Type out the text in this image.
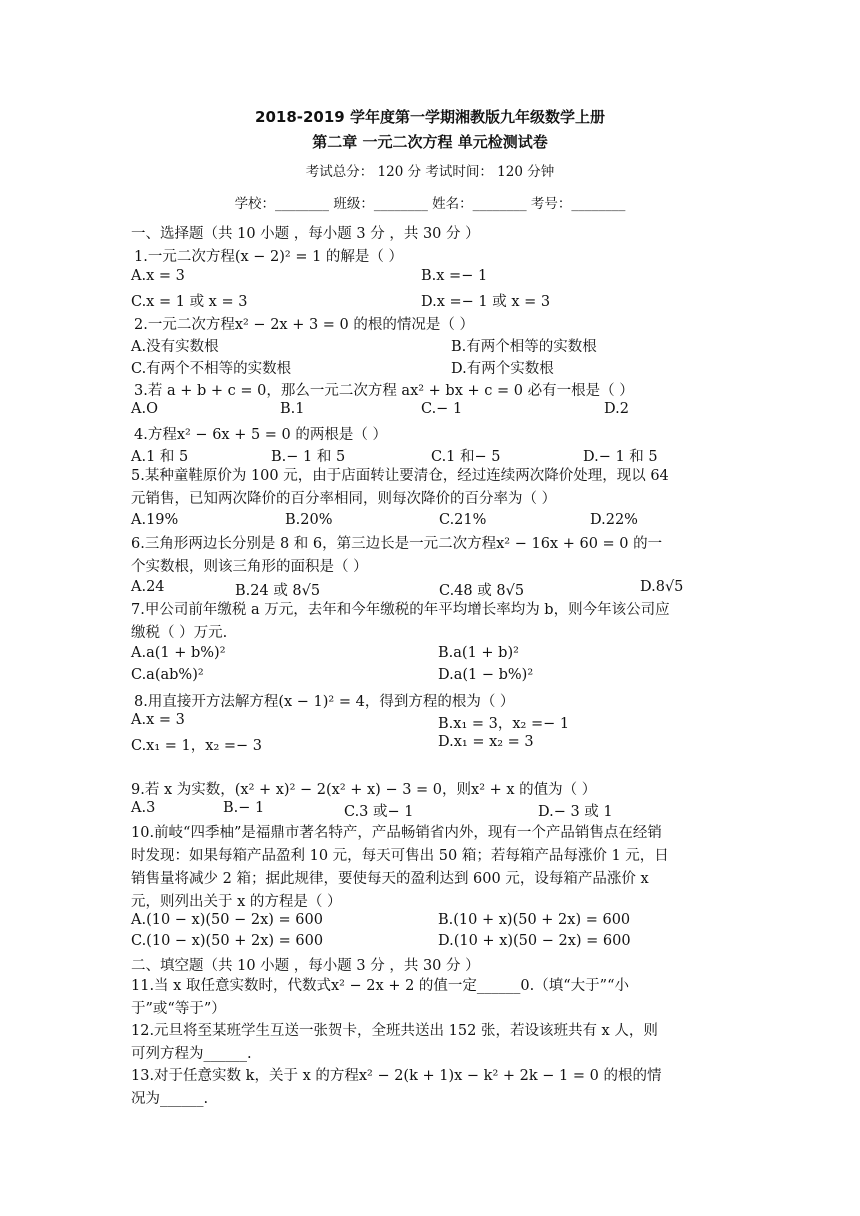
2018-2019 学年度第一学期湘教版九年级数学上册
第二章 一元二次方程 单元检测试卷
考试总分： 120 分 考试时间： 120 分钟
学校：________ 班级：________ 姓名：________ 考号：________
一、选择题（共 10 小题 ，每小题 3 分 ，共 30 分 ）
1.一元二次方程(x − 2)² = 1 的解是（ ）
A.x = 3	B.x =− 1
C.x = 1 或 x = 3	D.x =− 1 或 x = 3
2.一元二次方程x² − 2x + 3 = 0 的根的情况是（ ）
A.没有实数根	B.有两个相等的实数根
C.有两个不相等的实数根	D.有两个实数根
3.若 a + b + c = 0，那么一元二次方程 ax² + bx + c = 0 必有一根是（ ）
A.O	B.1	C.− 1	D.2
4.方程x² − 6x + 5 = 0 的两根是（ ）
A.1 和 5	B.− 1 和 5	C.1 和− 5	D.− 1 和 5
5.某种童鞋原价为 100 元，由于店面转让要清仓，经过连续两次降价处理，现以 64 元销售，已知两次降价的百分率相同，则每次降价的百分率为（ ）
A.19%	B.20%	C.21%	D.22%
6.三角形两边长分别是 8 和 6，第三边长是一元二次方程x² − 16x + 60 = 0 的一个实数根，则该三角形的面积是（ ）
A.24	B.24 或 8√5	C.48 或 8√5	D.8√5
7.甲公司前年缴税 a 万元，去年和今年缴税的年平均增长率均为 b，则今年该公司应缴税（ ）万元.
A.a(1 + b%)²	B.a(1 + b)²
C.a(ab%)²	D.a(1 − b%)²
8.用直接开方法解方程(x − 1)² = 4，得到方程的根为（ ）
A.x = 3	B.x₁ = 3，x₂ =− 1
C.x₁ = 1，x₂ =− 3	D.x₁ = x₂ = 3
9.若 x 为实数，(x² + x)² − 2(x² + x) − 3 = 0，则x² + x 的值为（ ）
A.3	B.− 1	C.3 或− 1	D.− 3 或 1
10.前岐“四季柚”是福鼎市著名特产，产品畅销省内外，现有一个产品销售点在经销时发现：如果每箱产品盈利 10 元，每天可售出 50 箱；若每箱产品每涨价 1 元，日销售量将减少 2 箱；据此规律，要使每天的盈利达到 600 元，设每箱产品涨价 x 元，则列出关于 x 的方程是（ ）
A.(10 − x)(50 − 2x) = 600	B.(10 + x)(50 + 2x) = 600
C.(10 − x)(50 + 2x) = 600	D.(10 + x)(50 − 2x) = 600
二、填空题（共 10 小题 ，每小题 3 分 ，共 30 分 ）
11.当 x 取任意实数时，代数式x² − 2x + 2 的值一定______0.（填“大于”“小于”或“等于”）
12.元旦将至某班学生互送一张贺卡，全班共送出 152 张，若设该班共有 x 人，则可列方程为______.
13.对于任意实数 k，关于 x 的方程x² − 2(k + 1)x − k² + 2k − 1 = 0 的根的情况为______.
